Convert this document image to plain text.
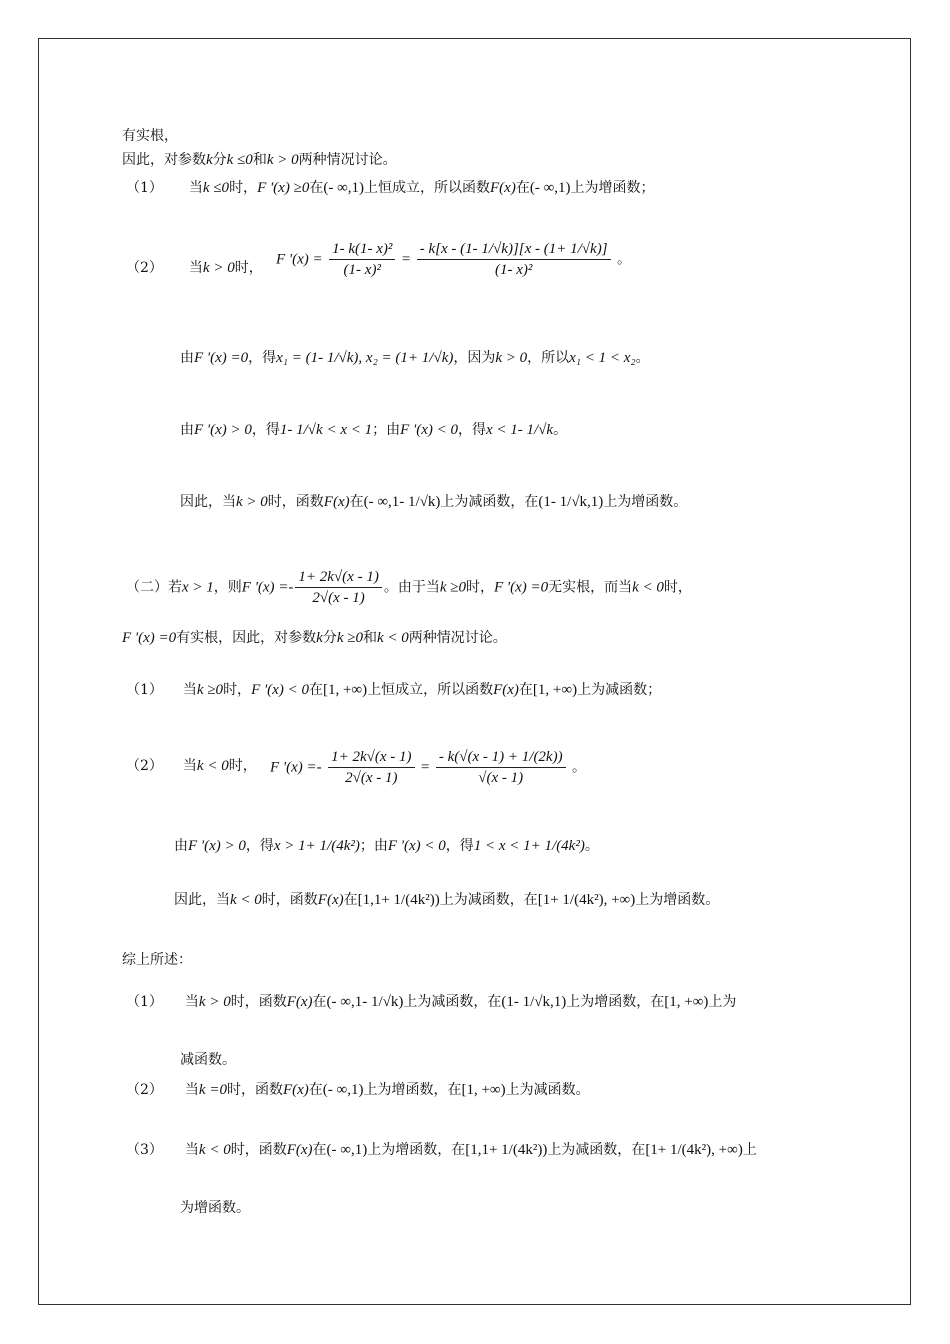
有实根，
因此，对参数k分k ≤0和k > 0两种情况讨论。
（1） 当k ≤0时，F '(x) ≥0在(- ∞,1)上恒成立，所以函数F(x)在(- ∞,1)上为增函数；
（2） 当k > 0时，
F '$(x) = \frac{\text{1- k(1- x)²}}{\text{(1- x)²}} = \frac{- k[x - (1- 1/√k)][x - (1+ 1/√k)]}{\text{(1- x)²}}$ 。
由F '(x) =0，得x₁ = (1- 1/√k), x₂ = (1+ 1/√k)，因为k > 0，所以x₁ < 1 < x₂。
由F '(x) > 0，得1- 1/√k < x < 1；由F '(x) < 0，得x < 1- 1/√k。
因此，当k > 0时，函数F(x)在(- ∞,1- 1/√k)上为减函数，在(1- 1/√k,1)上为增函数。
（二）若x > 1，则F '$(x) =- \frac{1+ 2k√(x - 1)}{2√(x - 1)}$ 。由于当k ≥0时，F '(x) =0无实根，而当k < 0时，
F '(x) =0有实根，因此，对参数k分k ≥0和k < 0两种情况讨论。
（1） 当k ≥0时，F '(x) < 0在[1, +∞)上恒成立，所以函数F(x)在[1, +∞)上为减函数；
（2） 当k < 0时， F '$(x) =- \frac{1+ 2k√(x - 1)}{2√(x - 1)} = \frac{- k(√(x - 1) + 1/(2k))}{√(x - 1)}$ 。
由F '(x) > 0，得x > 1+ 1/(4k²)；由F '(x) < 0，得1 < x < 1+ 1/(4k²)。
因此，当k < 0时，函数F(x)在[1,1+ 1/(4k²))上为减函数，在[1+ 1/(4k²), +∞)上为增函数。
综上所述：
（1） 当k > 0时，函数F(x)在(- ∞,1- 1/√k)上为减函数，在(1- 1/√k,1)上为增函数，在[1, +∞)上为
减函数。
（2） 当k =0时，函数F(x)在(- ∞,1)上为增函数，在[1, +∞)上为减函数。
（3） 当k < 0时，函数F(x)在(- ∞,1)上为增函数，在[1,1+ 1/(4k²))上为减函数，在[1+ 1/(4k²), +∞)上
为增函数。
